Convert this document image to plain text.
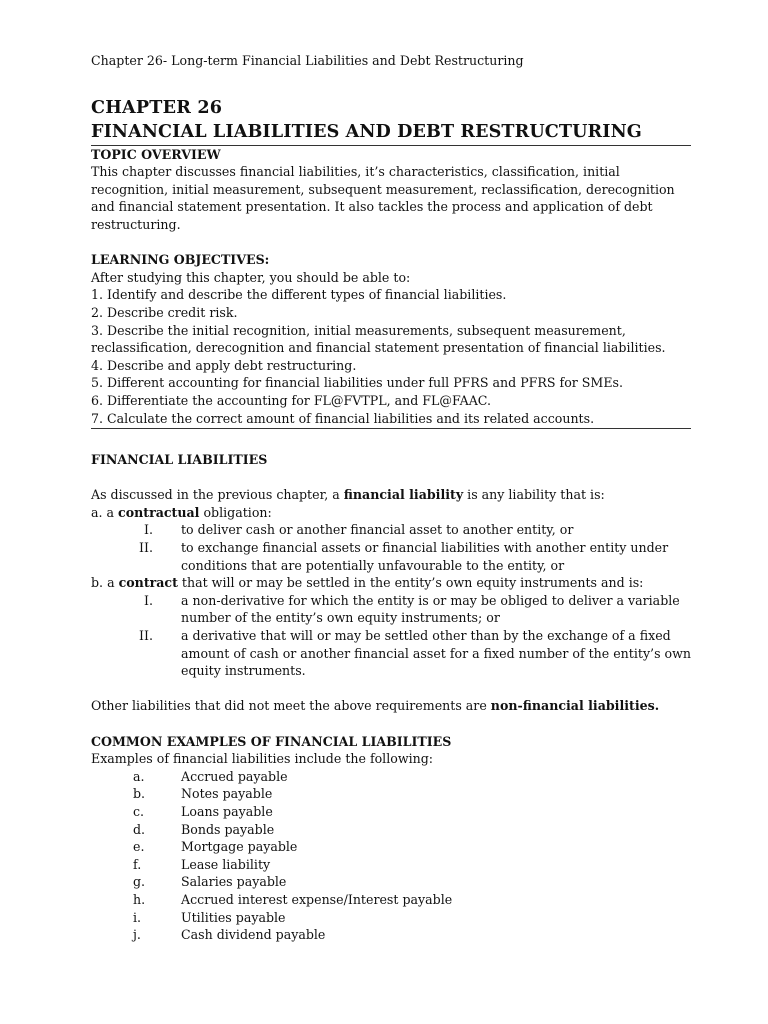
Chapter 26- Long-term Financial Liabilities and Debt Restructuring
CHAPTER 26
FINANCIAL LIABILITIES AND DEBT RESTRUCTURING
TOPIC OVERVIEW

This chapter discusses financial liabilities, it’s characteristics, classification, initial recognition, initial measurement, subsequent measurement, reclassification, derecognition and financial statement presentation. It also tackles the process and application of debt restructuring.

LEARNING OBJECTIVES:

After studying this chapter, you should be able to:

1. Identify and describe the different types of financial liabilities.
2. Describe credit risk.
3. Describe the initial recognition, initial measurements, subsequent measurement, reclassification, derecognition and financial statement presentation of financial liabilities.
4. Describe and apply debt restructuring.
5. Different accounting for financial liabilities under full PFRS and PFRS for SMEs.
6. Differentiate the accounting for FL@FVTPL, and FL@FAAC.
7. Calculate the correct amount of financial liabilities and its related accounts.
FINANCIAL LIABILITIES

As discussed in the previous chapter, a financial liability is any liability that is:

a. a contractual obligation:

I.	to deliver cash or another financial asset to another entity, or
II.	to exchange financial assets or financial liabilities with another entity under conditions that are potentially unfavourable to the entity, or

b. a contract that will or may be settled in the entity’s own equity instruments and is:

I.	a non-derivative for which the entity is or may be obliged to deliver a variable number of the entity’s own equity instruments; or
II.	a derivative that will or may be settled other than by the exchange of a fixed amount of cash or another financial asset for a fixed number of the entity’s own equity instruments.

Other liabilities that did not meet the above requirements are non-financial liabilities.

COMMON EXAMPLES OF FINANCIAL LIABILITIES

Examples of financial liabilities include the following:

a.	Accrued payable
b.	Notes payable
c.	Loans payable
d.	Bonds payable
e.	Mortgage payable
f.	Lease liability
g.	Salaries payable
h.	Accrued interest expense/Interest payable
i.	Utilities payable
j.	Cash dividend payable
